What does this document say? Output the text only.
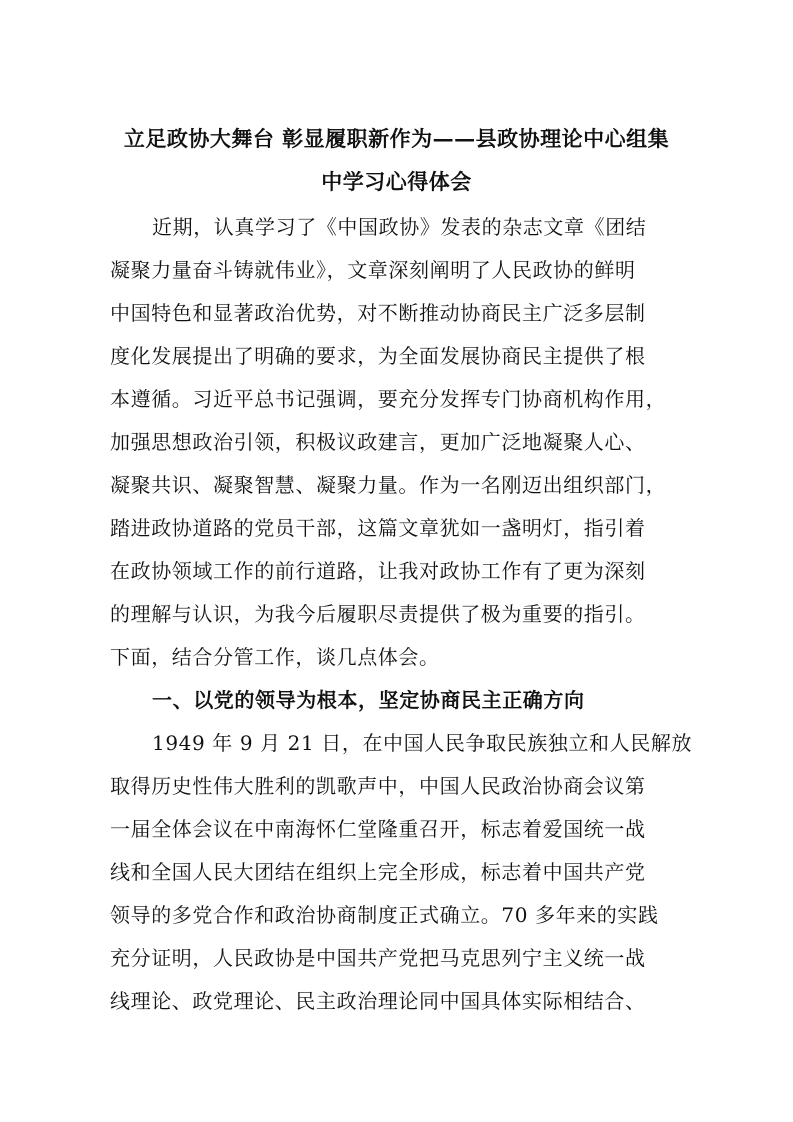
立足政协大舞台 彰显履职新作为——县政协理论中心组集
中学习心得体会
近期，认真学习了《中国政协》发表的杂志文章《团结
凝聚力量奋斗铸就伟业》，文章深刻阐明了人民政协的鲜明
中国特色和显著政治优势，对不断推动协商民主广泛多层制
度化发展提出了明确的要求，为全面发展协商民主提供了根
本遵循。习近平总书记强调，要充分发挥专门协商机构作用，
加强思想政治引领，积极议政建言，更加广泛地凝聚人心、
凝聚共识、凝聚智慧、凝聚力量。作为一名刚迈出组织部门，
踏进政协道路的党员干部，这篇文章犹如一盏明灯，指引着
在政协领域工作的前行道路，让我对政协工作有了更为深刻
的理解与认识，为我今后履职尽责提供了极为重要的指引。
下面，结合分管工作，谈几点体会。
一、以党的领导为根本，坚定协商民主正确方向
1949 年 9 月 21 日，在中国人民争取民族独立和人民解放
取得历史性伟大胜利的凯歌声中，中国人民政治协商会议第
一届全体会议在中南海怀仁堂隆重召开，标志着爱国统一战
线和全国人民大团结在组织上完全形成，标志着中国共产党
领导的多党合作和政治协商制度正式确立。70 多年来的实践
充分证明，人民政协是中国共产党把马克思列宁主义统一战
线理论、政党理论、民主政治理论同中国具体实际相结合、
